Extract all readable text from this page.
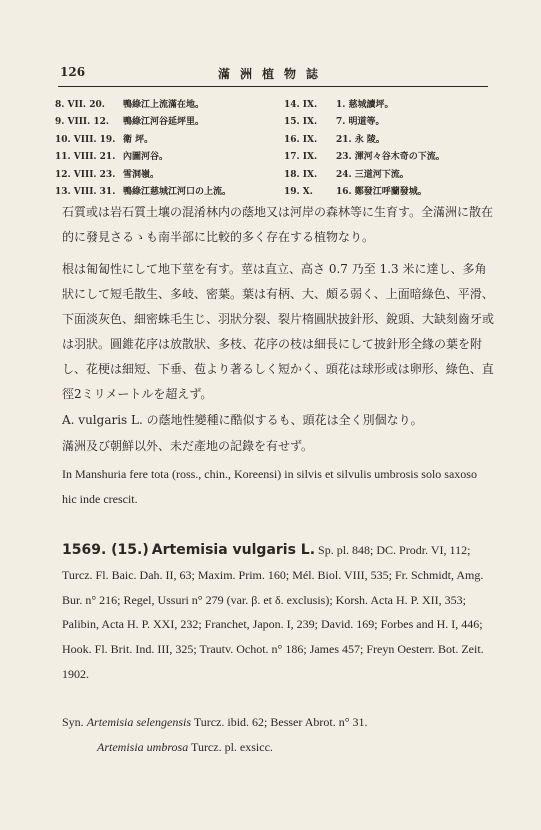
126	滿洲植物誌
8. VII. 20. 鴨綠江上流滿在地。
9. VIII. 12. 鴨綠江河谷延坪里。
10. VIII. 19. 衛 坪。
11. VIII. 21. 內圖河谷。
12. VIII. 23. 雪洞嶺。
13. VIII. 31. 鴨綠江慈城江河口の上流。
14. IX. 1. 慈城讀坪。
15. IX. 7. 明道等。
16. IX. 21. 永 陵。
17. IX. 23. 渾河々谷木奇の下流。
18. IX. 24. 三道河下流。
19. X.	16. 鄭發江呼蘭發城。

石質或は岩石質土壤の混淆林内の蔭地又は河岸の森林等に生育す。全滿洲に散在的に發見さるゝも南半部に比較的多く存在する植物なり。

根は匍匐性にして地下莖を有す。莖は直立、高さ 0.7 乃至 1.3 米に達し、多角狀にして短毛散生、多岐、密葉。葉は有柄、大、頗る弱く、上面暗綠色、平滑、下面淡灰色、細密蛛毛生じ、羽狀分裂、裂片楕圓狀披針形、銳頭、大缺刻齒牙或は羽狀。圓錐花序は放散狀、多枝、花序の枝は細長にして披針形全緣の葉を附し、花梗は細短、下垂、苞より著るしく短かく、頭花は球形或は卵形、綠色、直徑2ミリメートルを超えず。

A. vulgaris L. の蔭地性變種に酷似するも、頭花は全く別個なり。

滿洲及び朝鮮以外、未だ產地の記錄を有せず。

In Manshuria fere tota (ross., chin., Koreensi) in silvis et silvulis umbrosis solo saxoso hic inde crescit.

1569. (15.) Artemisia vulgaris L. Sp. pl. 848; DC. Prodr. VI, 112; Turcz. Fl. Baic. Dah. II, 63; Maxim. Prim. 160; Mél. Biol. VIII, 535; Fr. Schmidt, Amg. Bur. n° 216; Regel, Ussuri n° 279 (var. β. et δ. exclusis); Korsh. Acta H. P. XII, 353; Palibin, Acta H. P. XXI, 232; Franchet, Japon. I, 239; David. 169; Forbes and H. I, 446; Hook. Fl. Brit. Ind. III, 325; Trautv. Ochot. n° 186; James 457; Freyn Oesterr. Bot. Zeit. 1902.
Syn. Artemisia selengensis Turcz. ibid. 62; Besser Abrot. n° 31.
Artemisia umbrosa Turcz. pl. exsicc.
